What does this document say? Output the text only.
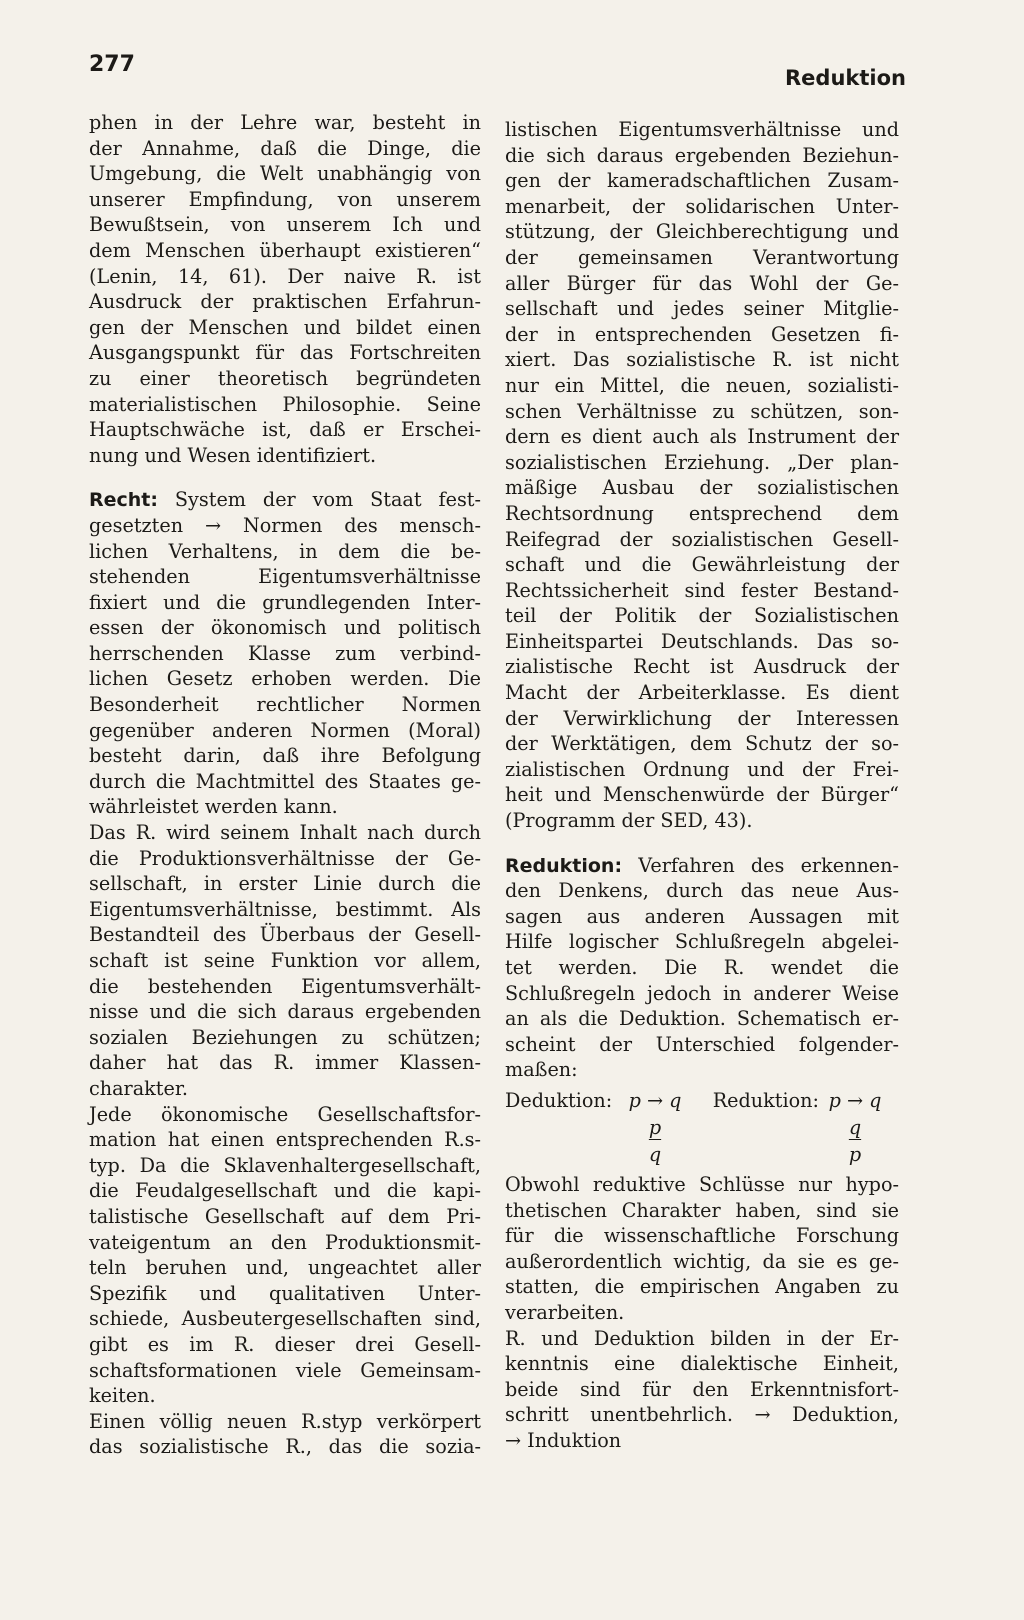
277
Reduktion
phen in der Lehre war, besteht in
der Annahme, daß die Dinge, die
Umgebung, die Welt unabhängig von
unserer Empfindung, von unserem
Bewußtsein, von unserem Ich und
dem Menschen überhaupt existieren“
(Lenin, 14, 61). Der naive R. ist
Ausdruck der praktischen Erfahrun-
gen der Menschen und bildet einen
Ausgangspunkt für das Fortschreiten
zu einer theoretisch begründeten
materialistischen Philosophie. Seine
Hauptschwäche ist, daß er Erschei-
nung und Wesen identifiziert.
Recht: System der vom Staat fest-
gesetzten → Normen des mensch-
lichen Verhaltens, in dem die be-
stehenden Eigentumsverhältnisse
fixiert und die grundlegenden Inter-
essen der ökonomisch und politisch
herrschenden Klasse zum verbind-
lichen Gesetz erhoben werden. Die
Besonderheit rechtlicher Normen
gegenüber anderen Normen (Moral)
besteht darin, daß ihre Befolgung
durch die Machtmittel des Staates ge-
währleistet werden kann.
Das R. wird seinem Inhalt nach durch
die Produktionsverhältnisse der Ge-
sellschaft, in erster Linie durch die
Eigentumsverhältnisse, bestimmt. Als
Bestandteil des Überbaus der Gesell-
schaft ist seine Funktion vor allem,
die bestehenden Eigentumsverhält-
nisse und die sich daraus ergebenden
sozialen Beziehungen zu schützen;
daher hat das R. immer Klassen-
charakter.
Jede ökonomische Gesellschaftsfor-
mation hat einen entsprechenden R.s-
typ. Da die Sklavenhaltergesellschaft,
die Feudalgesellschaft und die kapi-
talistische Gesellschaft auf dem Pri-
vateigentum an den Produktionsmit-
teln beruhen und, ungeachtet aller
Spezifik und qualitativen Unter-
schiede, Ausbeutergesellschaften sind,
gibt es im R. dieser drei Gesell-
schaftsformationen viele Gemeinsam-
keiten.
Einen völlig neuen R.styp verkörpert
das sozialistische R., das die sozia-
listischen Eigentumsverhältnisse und
die sich daraus ergebenden Beziehun-
gen der kameradschaftlichen Zusam-
menarbeit, der solidarischen Unter-
stützung, der Gleichberechtigung und
der gemeinsamen Verantwortung
aller Bürger für das Wohl der Ge-
sellschaft und jedes seiner Mitglie-
der in entsprechenden Gesetzen fi-
xiert. Das sozialistische R. ist nicht
nur ein Mittel, die neuen, sozialisti-
schen Verhältnisse zu schützen, son-
dern es dient auch als Instrument der
sozialistischen Erziehung. „Der plan-
mäßige Ausbau der sozialistischen
Rechtsordnung entsprechend dem
Reifegrad der sozialistischen Gesell-
schaft und die Gewährleistung der
Rechtssicherheit sind fester Bestand-
teil der Politik der Sozialistischen
Einheitspartei Deutschlands. Das so-
zialistische Recht ist Ausdruck der
Macht der Arbeiterklasse. Es dient
der Verwirklichung der Interessen
der Werktätigen, dem Schutz der so-
zialistischen Ordnung und der Frei-
heit und Menschenwürde der Bürger“
(Programm der SED, 43).
Reduktion: Verfahren des erkennen-
den Denkens, durch das neue Aus-
sagen aus anderen Aussagen mit
Hilfe logischer Schlußregeln abgelei-
tet werden. Die R. wendet die
Schlußregeln jedoch in anderer Weise
an als die Deduktion. Schematisch er-
scheint der Unterschied folgender-
maßen:
Deduktion: p → q	Reduktion: p → q
p	q
q	p
Obwohl reduktive Schlüsse nur hypo-
thetischen Charakter haben, sind sie
für die wissenschaftliche Forschung
außerordentlich wichtig, da sie es ge-
statten, die empirischen Angaben zu
verarbeiten.
R. und Deduktion bilden in der Er-
kenntnis eine dialektische Einheit,
beide sind für den Erkenntnisfort-
schritt unentbehrlich. → Deduktion,
→ Induktion
